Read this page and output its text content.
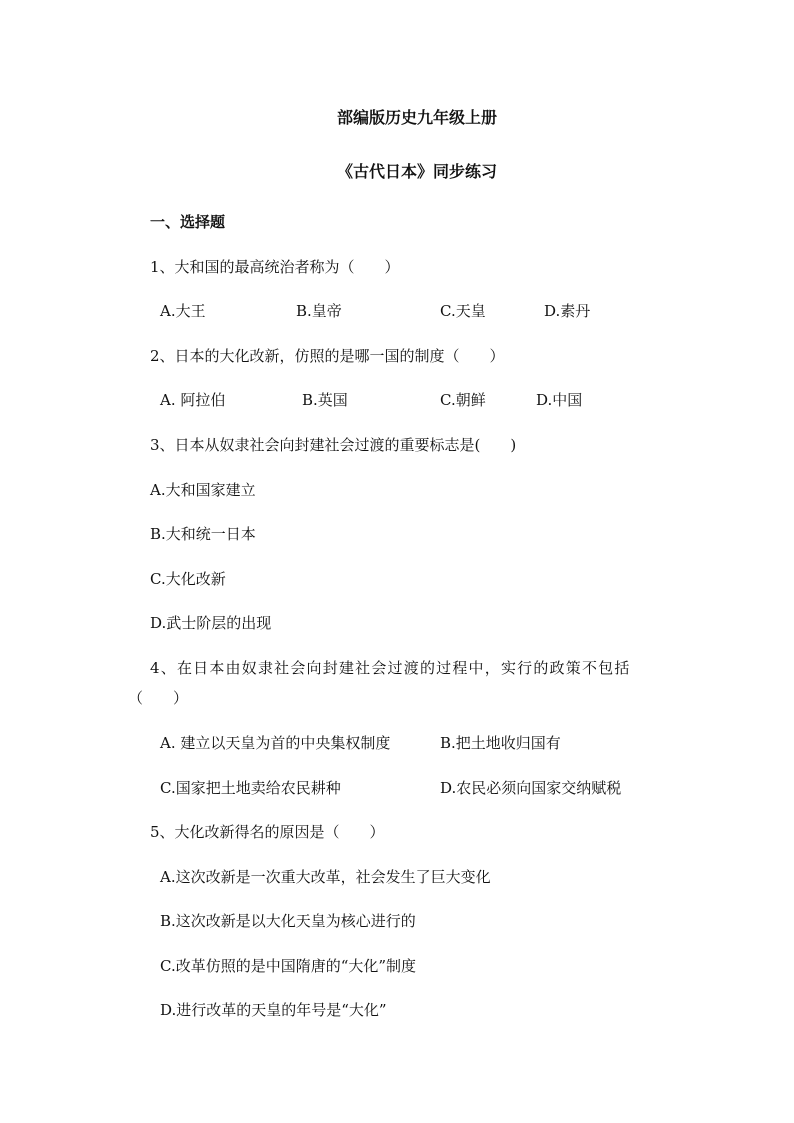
部编版历史九年级上册
《古代日本》同步练习
一、选择题
1、大和国的最高统治者称为（　　）
A.大王	B.皇帝	C.天皇	D.素丹
2、日本的大化改新，仿照的是哪一国的制度（　　）
A. 阿拉伯	B.英国	C.朝鲜	D.中国
3、日本从奴隶社会向封建社会过渡的重要标志是(　　)
A.大和国家建立
B.大和统一日本
C.大化改新
D.武士阶层的出现
4、在日本由奴隶社会向封建社会过渡的过程中，实行的政策不包括
（　　）
A. 建立以天皇为首的中央集权制度	B.把土地收归国有
C.国家把土地卖给农民耕种	D.农民必须向国家交纳赋税
5、大化改新得名的原因是（　　）
A.这次改新是一次重大改革，社会发生了巨大变化
B.这次改新是以大化天皇为核心进行的
C.改革仿照的是中国隋唐的“大化”制度
D.进行改革的天皇的年号是“大化”
